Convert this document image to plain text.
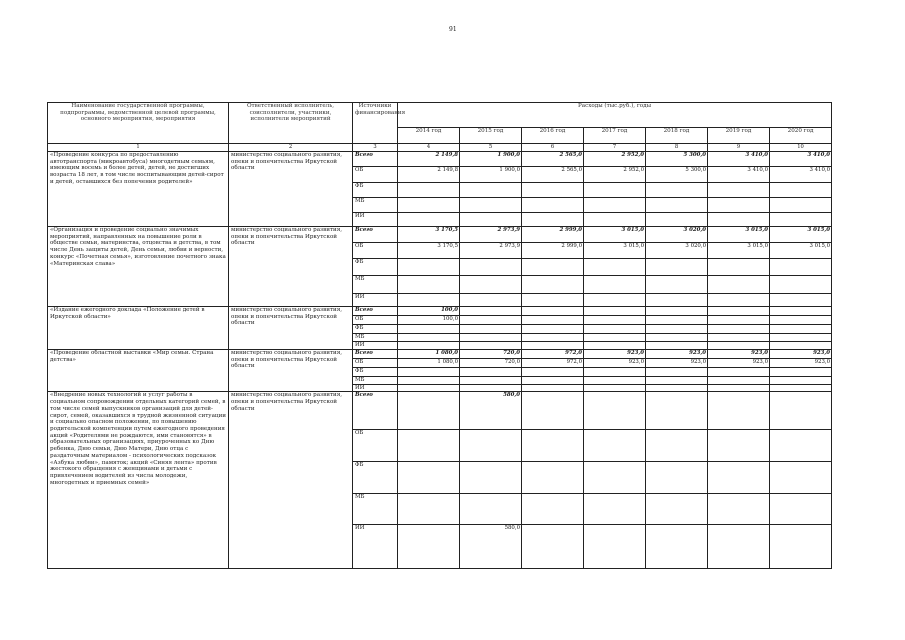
91
Наименование государственной программы, подпрограммы, ведомственной целевой программы, основного мероприятия, мероприятия	Ответственный исполнитель, соисполнители, участники, исполнители мероприятий	Источники финансирования	Расходы (тыс.руб.), годы						
			2014 год	2015 год	2016 год	2017 год	2018 год	2019 год	2020 год
1	2	3	4	5	6	7	8	9	10
«Проведение конкурса по предоставлению автотранспорта (микроавтобуса) многодетным семьям, имеющим восемь и более детей, детей, не достигших возраста 18 лет, в том числе воспитывающим детей-сирот и детей, оставшихся без попечения родителей»	министерство социального развития, опеки и попечительства Иркутской области	Всего	2 149,8	1 900,0	2 565,0	2 952,0	5 300,0	3 410,0	3 410,0
		ОБ	2 149,8	1 900,0	2 565,0	2 952,0	5 300,0	3 410,0	3 410,0
		ФБ							
		МБ							
		ИИ							
«Организация и проведение социально значимых мероприятий, направленных на повышение роли в обществе семьи, материнства, отцовства и детства, в том числе День защиты детей, День семьи, любви и верности, конкурс «Почетная семья», изготовление почетного знака «Материнская слава»	министерство социального развития, опеки и попечительства Иркутской области	Всего	3 170,5	2 973,9	2 999,0	3 015,0	3 020,0	3 015,0	3 015,0
		ОБ	3 170,5	2 973,9	2 999,0	3 015,0	3 020,0	3 015,0	3 015,0
		ФБ							
		МБ							
		ИИ							
«Издание ежегодного доклада «Положение детей в Иркутской области»	министерство социального развития, опеки и попечительства Иркутской области	Всего	100,0						
		ОБ	100,0						
		ФБ							
		МБ							
		ИИ							
«Проведение областной выставки «Мир семьи. Страна детства»	министерство социального развития, опеки и попечительства Иркутской области	Всего	1 080,0	720,0	972,0	923,0	923,0	923,0	923,0
		ОБ	1 080,0	720,0	972,0	923,0	923,0	923,0	923,0
		ФБ							
		МБ							
		ИИ							
«Внедрение новых технологий и услуг работы в социальном сопровождении отдельных категорий семей, в том числе семей выпускников организаций для детей-сирот, семей, оказавшихся в трудной жизненной ситуации и социально опасном положении, по повышению родительской компетенции путем ежегодного проведения акций «Родителями не рождаются, ими становятся» в образовательных организациях, приуроченных ко Дню ребенка, Дню семьи, Дню Матери, Дню отца с раздаточным материалом - психологических подсказок «Азбука любви», памяток; акций «Синяя лента» против жестокого обращения с женщинами и детьми с привлечением водителей из числа молодежи, многодетных и приемных семей»	министерство социального развития, опеки и попечительства Иркутской области	Всего		580,0					
		ОБ							
		ФБ							
		МБ							
		ИИ		580,0					
